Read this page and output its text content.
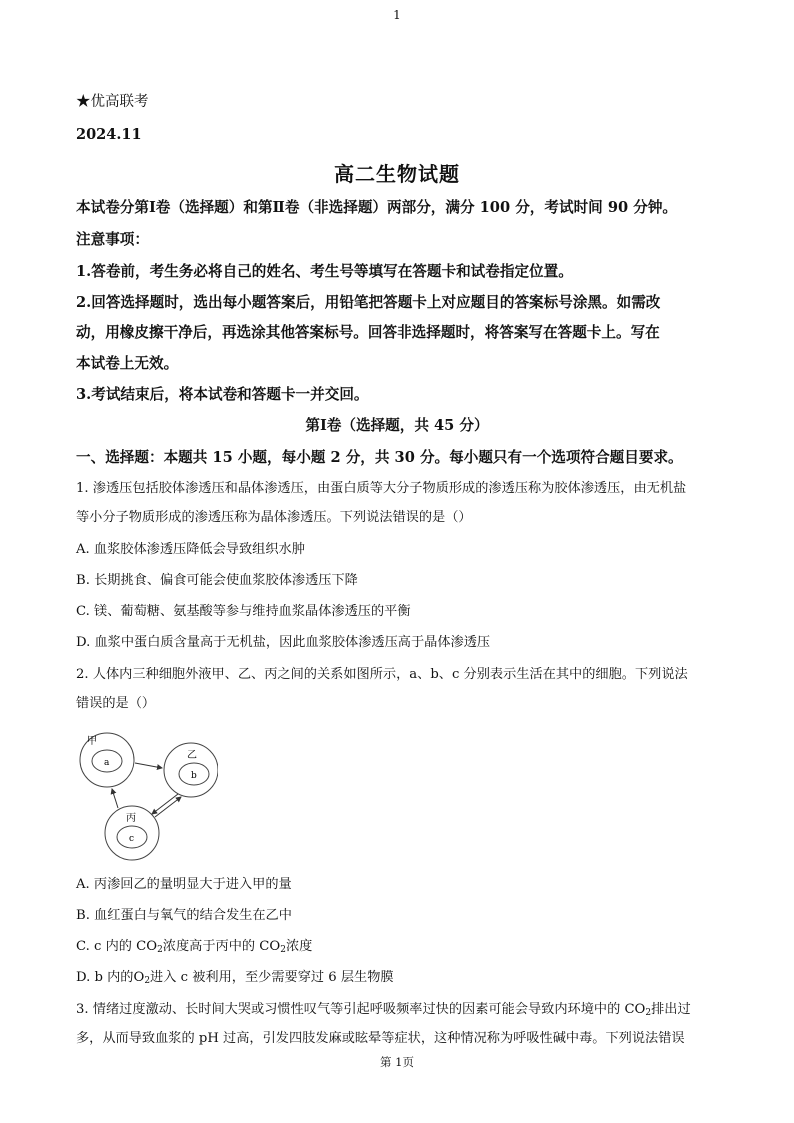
1
★优高联考
2024.11
高二生物试题
本试卷分第Ⅰ卷（选择题）和第Ⅱ卷（非选择题）两部分，满分 100 分，考试时间 90 分钟。
注意事项：
1.答卷前，考生务必将自己的姓名、考生号等填写在答题卡和试卷指定位置。
2.回答选择题时，选出每小题答案后，用铅笔把答题卡上对应题目的答案标号涂黑。如需改
动，用橡皮擦干净后，再选涂其他答案标号。回答非选择题时，将答案写在答题卡上。写在
本试卷上无效。
3.考试结束后，将本试卷和答题卡一并交回。
第Ⅰ卷（选择题，共 45 分）
一、选择题：本题共 15 小题，每小题 2 分，共 30 分。每小题只有一个选项符合题目要求。
1. 渗透压包括胶体渗透压和晶体渗透压，由蛋白质等大分子物质形成的渗透压称为胶体渗透压，由无机盐
等小分子物质形成的渗透压称为晶体渗透压。下列说法错误的是（）
A. 血浆胶体渗透压降低会导致组织水肿
B. 长期挑食、偏食可能会使血浆胶体渗透压下降
C. 镁、葡萄糖、氨基酸等参与维持血浆晶体渗透压的平衡
D. 血浆中蛋白质含量高于无机盐，因此血浆胶体渗透压高于晶体渗透压
2. 人体内三种细胞外液甲、乙、丙之间的关系如图所示，a、b、c 分别表示生活在其中的细胞。下列说法
错误的是（）
甲
a
乙
b
丙
c
A. 丙渗回乙的量明显大于进入甲的量
B. 血红蛋白与氧气的结合发生在乙中
C. c 内的 $CO_2$浓度高于丙中的 $CO_2$浓度
D. b 内的$O_2$进入 c 被利用，至少需要穿过 6 层生物膜
3. 情绪过度激动、长时间大哭或习惯性叹气等引起呼吸频率过快的因素可能会导致内环境中的 $CO_2$排出过
多，从而导致血浆的 pH 过高，引发四肢发麻或眩晕等症状，这种情况称为呼吸性碱中毒。下列说法错误
第 1页
